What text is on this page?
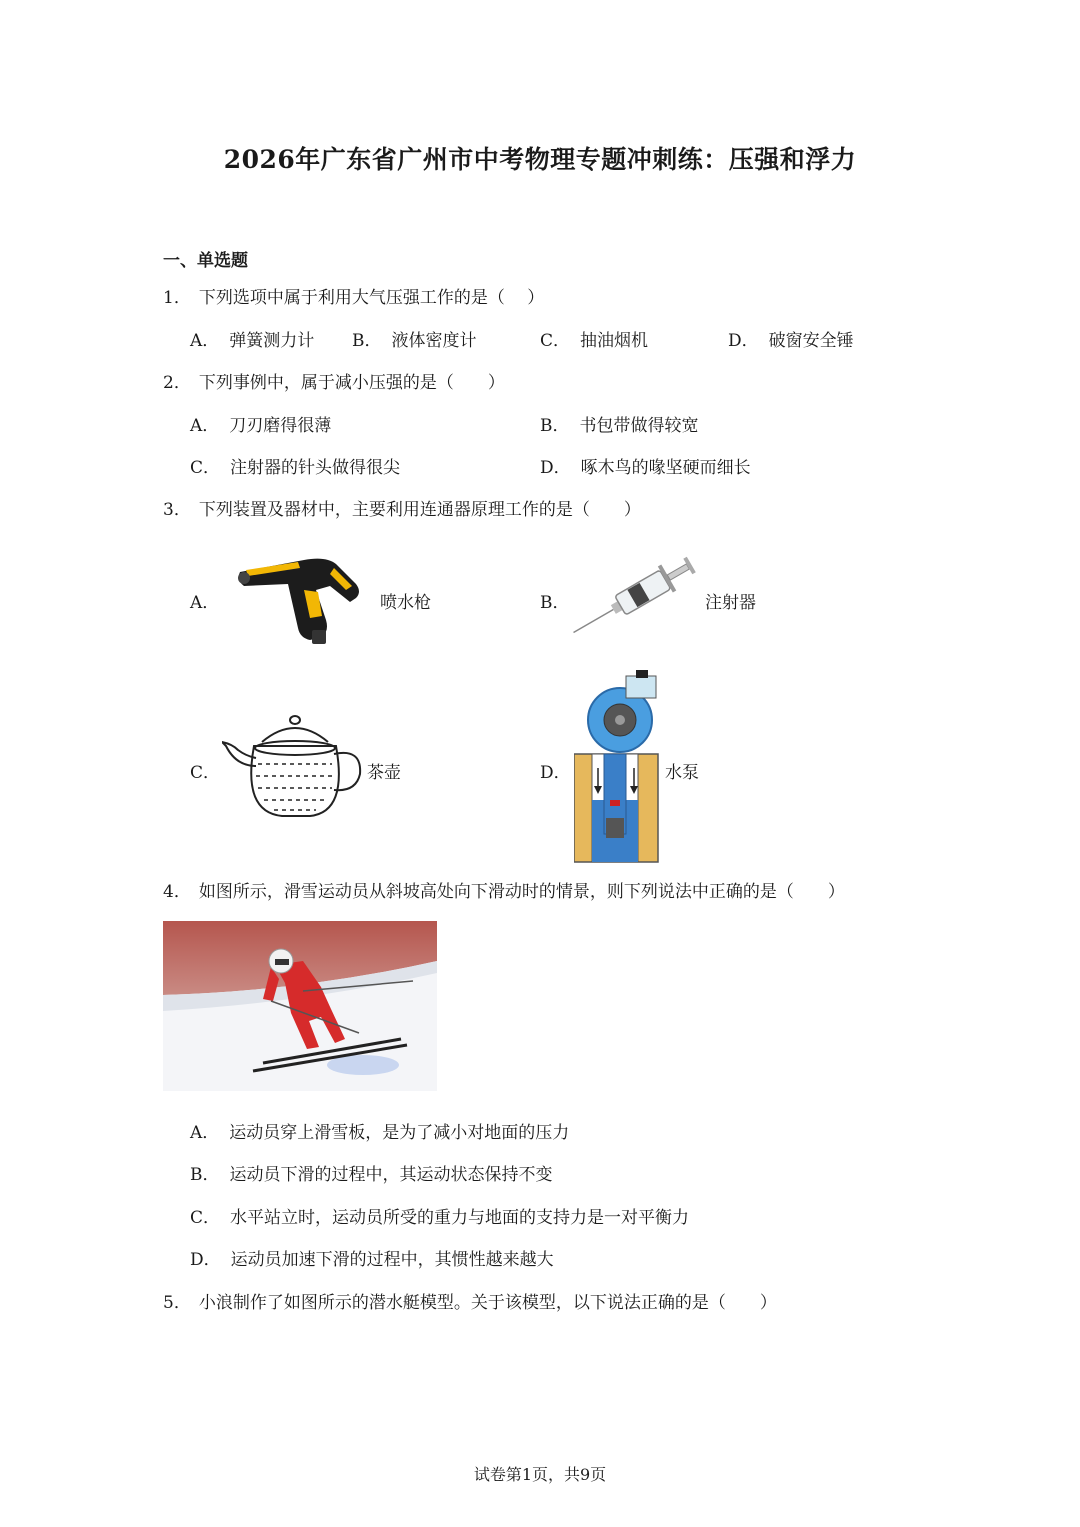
2026年广东省广州市中考物理专题冲刺练：压强和浮力
一、单选题
1． 下列选项中属于利用大气压强工作的是（　 ）
A． 弹簧测力计 B． 液体密度计	C． 抽油烟机	D． 破窗安全锤
2． 下列事例中，属于减小压强的是（　　）
A． 刀刃磨得很薄	B． 书包带做得较宽
C． 注射器的针头做得很尖	D． 啄木鸟的喙坚硬而细长
3． 下列装置及器材中，主要利用连通器原理工作的是（　　）
A．	喷水枪	B．	注射器
C．	茶壶	D．	水泵
4． 如图所示，滑雪运动员从斜坡高处向下滑动时的情景，则下列说法中正确的是（　　）
A． 运动员穿上滑雪板，是为了减小对地面的压力
B． 运动员下滑的过程中，其运动状态保持不变
C． 水平站立时，运动员所受的重力与地面的支持力是一对平衡力
D． 运动员加速下滑的过程中，其惯性越来越大
5． 小浪制作了如图所示的潜水艇模型。关于该模型，以下说法正确的是（　　）
试卷第1页，共9页
